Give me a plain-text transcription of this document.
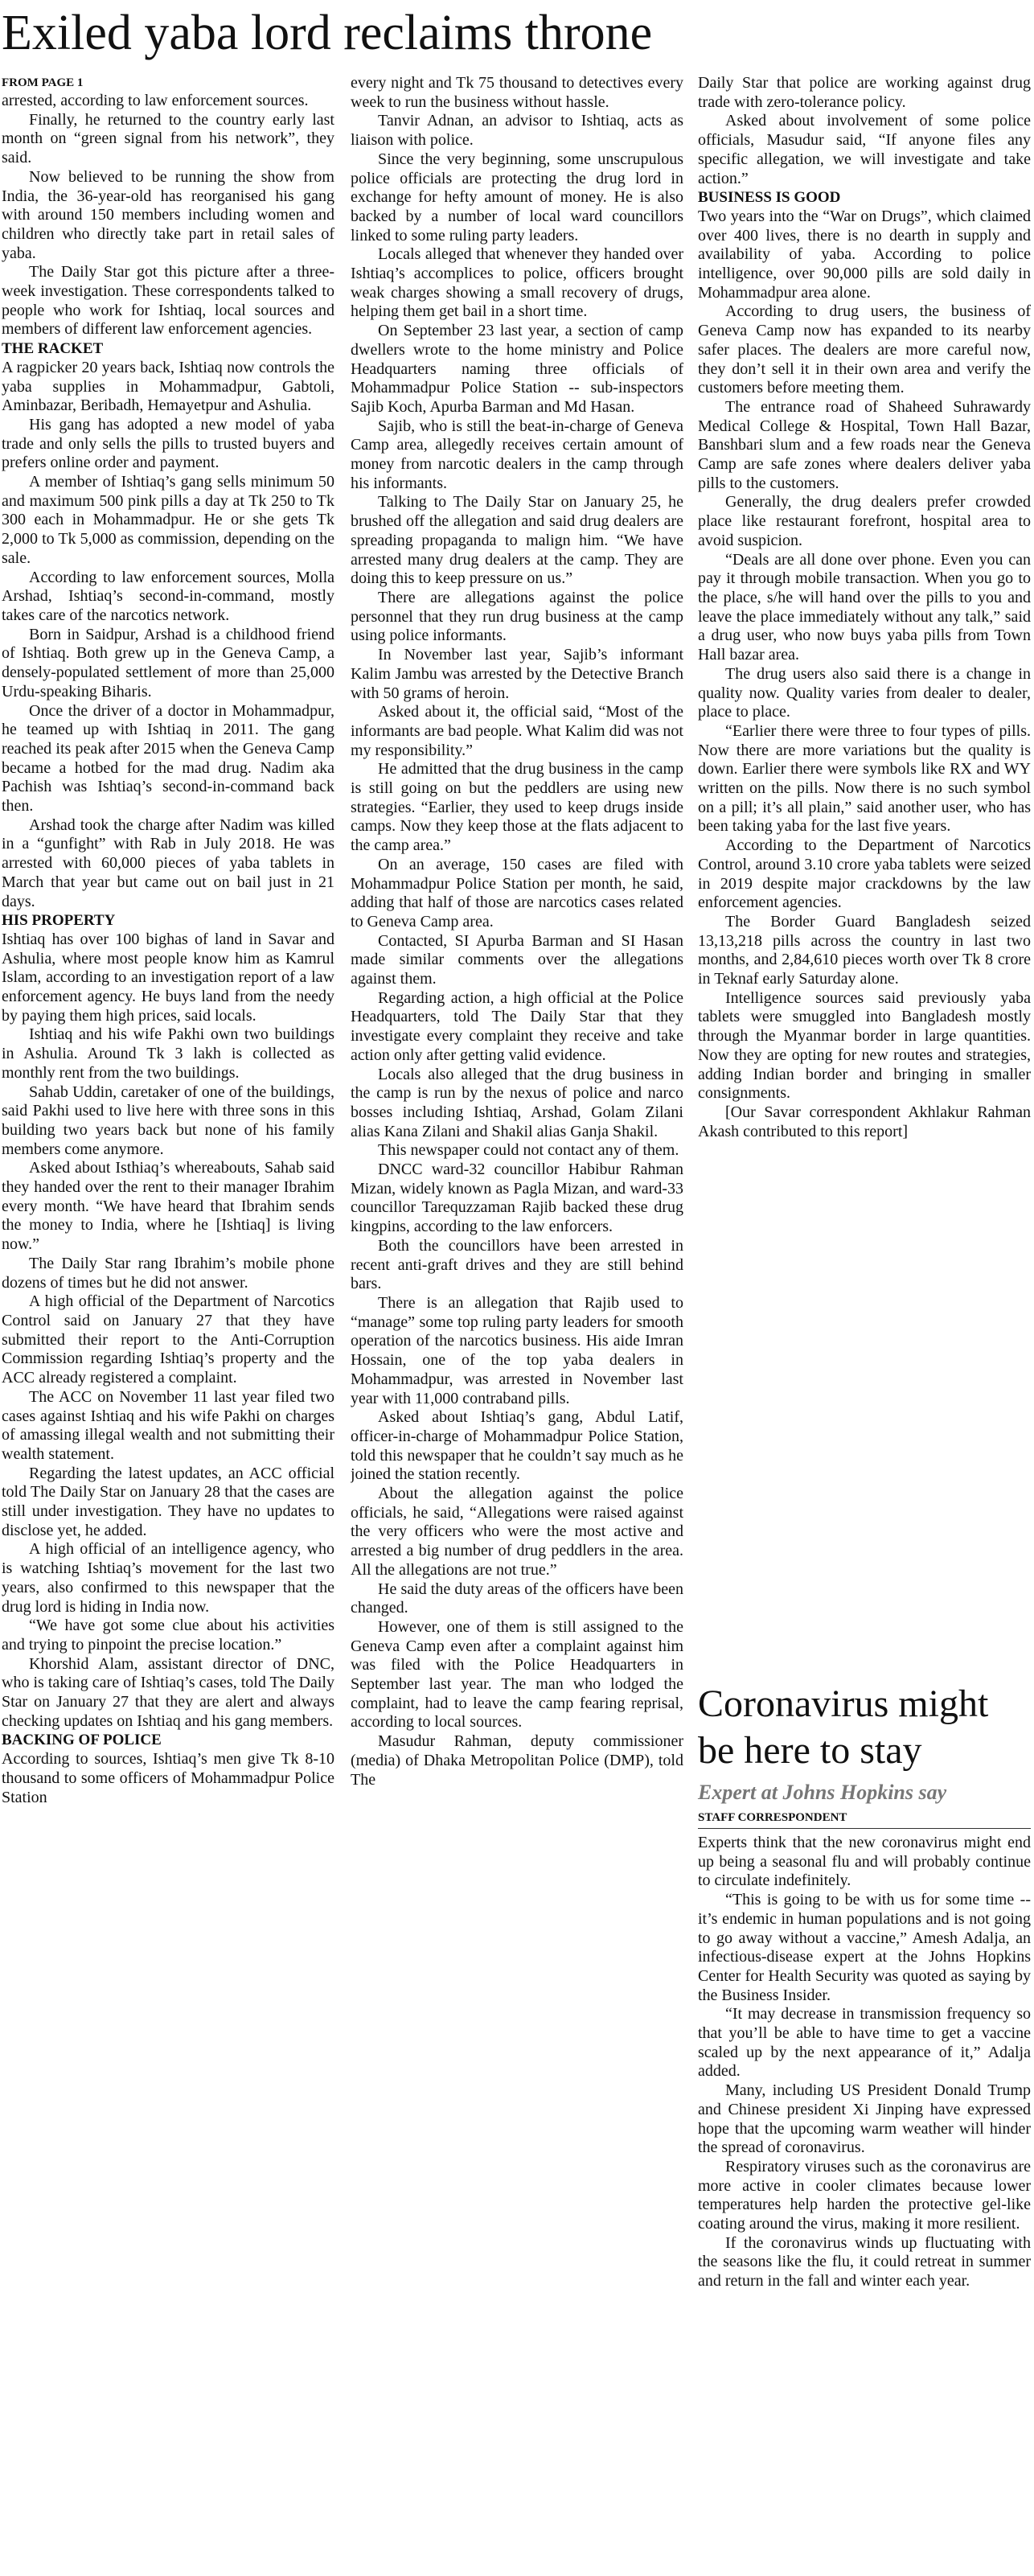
Exiled yaba lord reclaims throne

FROM PAGE 1

arrested, according to law enforcement sources.

Finally, he returned to the country early last month on “green signal from his network”, they said.

Now believed to be running the show from India, the 36-year-old has reorganised his gang with around 150 members including women and children who directly take part in retail sales of yaba.

The Daily Star got this picture after a three-week investigation. These correspondents talked to people who work for Ishtiaq, local sources and members of different law enforcement agencies.

THE RACKET

A ragpicker 20 years back, Ishtiaq now controls the yaba supplies in Mohammadpur, Gabtoli, Aminbazar, Beribadh, Hemayetpur and Ashulia.

His gang has adopted a new model of yaba trade and only sells the pills to trusted buyers and prefers online order and payment.

A member of Ishtiaq’s gang sells minimum 50 and maximum 500 pink pills a day at Tk 250 to Tk 300 each in Mohammadpur. He or she gets Tk 2,000 to Tk 5,000 as commission, depending on the sale.

According to law enforcement sources, Molla Arshad, Ishtiaq’s second-in-command, mostly takes care of the narcotics network.

Born in Saidpur, Arshad is a childhood friend of Ishtiaq. Both grew up in the Geneva Camp, a densely-populated settlement of more than 25,000 Urdu-speaking Biharis.

Once the driver of a doctor in Mohammadpur, he teamed up with Ishtiaq in 2011. The gang reached its peak after 2015 when the Geneva Camp became a hotbed for the mad drug. Nadim aka Pachish was Ishtiaq’s second-in-command back then.

Arshad took the charge after Nadim was killed in a “gunfight” with Rab in July 2018. He was arrested with 60,000 pieces of yaba tablets in March that year but came out on bail just in 21 days.

HIS PROPERTY

Ishtiaq has over 100 bighas of land in Savar and Ashulia, where most people know him as Kamrul Islam, according to an investigation report of a law enforcement agency. He buys land from the needy by paying them high prices, said locals.

Ishtiaq and his wife Pakhi own two buildings in Ashulia. Around Tk 3 lakh is collected as monthly rent from the two buildings.

Sahab Uddin, caretaker of one of the buildings, said Pakhi used to live here with three sons in this building two years back but none of his family members come anymore.

Asked about Isthiaq’s whereabouts, Sahab said they handed over the rent to their manager Ibrahim every month. “We have heard that Ibrahim sends the money to India, where he [Ishtiaq] is living now.”

The Daily Star rang Ibrahim’s mobile phone dozens of times but he did not answer.

A high official of the Department of Narcotics Control said on January 27 that they have submitted their report to the Anti-Corruption Commission regarding Ishtiaq’s property and the ACC already registered a complaint.

The ACC on November 11 last year filed two cases against Ishtiaq and his wife Pakhi on charges of amassing illegal wealth and not submitting their wealth statement.

Regarding the latest updates, an ACC official told The Daily Star on January 28 that the cases are still under investigation. They have no updates to disclose yet, he added.

A high official of an intelligence agency, who is watching Ishtiaq’s movement for the last two years, also confirmed to this newspaper that the drug lord is hiding in India now.

“We have got some clue about his activities and trying to pinpoint the precise location.”

Khorshid Alam, assistant director of DNC, who is taking care of Ishtiaq’s cases, told The Daily Star on January 27 that they are alert and always checking updates on Ishtiaq and his gang members.

BACKING OF POLICE

According to sources, Ishtiaq’s men give Tk 8-10 thousand to some officers of Mohammadpur Police Station

every night and Tk 75 thousand to detectives every week to run the business without hassle.

Tanvir Adnan, an advisor to Ishtiaq, acts as liaison with police.

Since the very beginning, some unscrupulous police officials are protecting the drug lord in exchange for hefty amount of money. He is also backed by a number of local ward councillors linked to some ruling party leaders.

Locals alleged that whenever they handed over Ishtiaq’s accomplices to police, officers brought weak charges showing a small recovery of drugs, helping them get bail in a short time.

On September 23 last year, a section of camp dwellers wrote to the home ministry and Police Headquarters naming three officials of Mohammadpur Police Station -- sub-inspectors Sajib Koch, Apurba Barman and Md Hasan.

Sajib, who is still the beat-in-charge of Geneva Camp area, allegedly receives certain amount of money from narcotic dealers in the camp through his informants.

Talking to The Daily Star on January 25, he brushed off the allegation and said drug dealers are spreading propaganda to malign him. “We have arrested many drug dealers at the camp. They are doing this to keep pressure on us.”

There are allegations against the police personnel that they run drug business at the camp using police informants.

In November last year, Sajib’s informant Kalim Jambu was arrested by the Detective Branch with 50 grams of heroin.

Asked about it, the official said, “Most of the informants are bad people. What Kalim did was not my responsibility.”

He admitted that the drug business in the camp is still going on but the peddlers are using new strategies. “Earlier, they used to keep drugs inside camps. Now they keep those at the flats adjacent to the camp area.”

On an average, 150 cases are filed with Mohammadpur Police Station per month, he said, adding that half of those are narcotics cases related to Geneva Camp area.

Contacted, SI Apurba Barman and SI Hasan made similar comments over the allegations against them.

Regarding action, a high official at the Police Headquarters, told The Daily Star that they investigate every complaint they receive and take action only after getting valid evidence.

Locals also alleged that the drug business in the camp is run by the nexus of police and narco bosses including Ishtiaq, Arshad, Golam Zilani alias Kana Zilani and Shakil alias Ganja Shakil.

This newspaper could not contact any of them.

DNCC ward-32 councillor Habibur Rahman Mizan, widely known as Pagla Mizan, and ward-33 councillor Tarequzzaman Rajib backed these drug kingpins, according to the law enforcers.

Both the councillors have been arrested in recent anti-graft drives and they are still behind bars.

There is an allegation that Rajib used to “manage” some top ruling party leaders for smooth operation of the narcotics business. His aide Imran Hossain, one of the top yaba dealers in Mohammadpur, was arrested in November last year with 11,000 contraband pills.

Asked about Ishtiaq’s gang, Abdul Latif, officer-in-charge of Mohammadpur Police Station, told this newspaper that he couldn’t say much as he joined the station recently.

About the allegation against the police officials, he said, “Allegations were raised against the very officers who were the most active and arrested a big number of drug peddlers in the area. All the allegations are not true.”

He said the duty areas of the officers have been changed.

However, one of them is still assigned to the Geneva Camp even after a complaint against him was filed with the Police Headquarters in September last year. The man who lodged the complaint, had to leave the camp fearing reprisal, according to local sources.

Masudur Rahman, deputy commissioner (media) of Dhaka Metropolitan Police (DMP), told The

Daily Star that police are working against drug trade with zero-tolerance policy.

Asked about involvement of some police officials, Masudur said, “If anyone files any specific allegation, we will investigate and take action.”

BUSINESS IS GOOD

Two years into the “War on Drugs”, which claimed over 400 lives, there is no dearth in supply and availability of yaba. According to police intelligence, over 90,000 pills are sold daily in Mohammadpur area alone.

According to drug users, the business of Geneva Camp now has expanded to its nearby safer places. The dealers are more careful now, they don’t sell it in their own area and verify the customers before meeting them.

The entrance road of Shaheed Suhrawardy Medical College & Hospital, Town Hall Bazar, Banshbari slum and a few roads near the Geneva Camp are safe zones where dealers deliver yaba pills to the customers.

Generally, the drug dealers prefer crowded place like restaurant forefront, hospital area to avoid suspicion.

“Deals are all done over phone. Even you can pay it through mobile transaction. When you go to the place, s/he will hand over the pills to you and leave the place immediately without any talk,” said a drug user, who now buys yaba pills from Town Hall bazar area.

The drug users also said there is a change in quality now. Quality varies from dealer to dealer, place to place.

“Earlier there were three to four types of pills. Now there are more variations but the quality is down. Earlier there were symbols like RX and WY written on the pills. Now there is no such symbol on a pill; it’s all plain,” said another user, who has been taking yaba for the last five years.

According to the Department of Narcotics Control, around 3.10 crore yaba tablets were seized in 2019 despite major crackdowns by the law enforcement agencies.

The Border Guard Bangladesh seized 13,13,218 pills across the country in last two months, and 2,84,610 pieces worth over Tk 8 crore in Teknaf early Saturday alone.

Intelligence sources said previously yaba tablets were smuggled into Bangladesh mostly through the Myanmar border in large quantities. Now they are opting for new routes and strategies, adding Indian border and bringing in smaller consignments.

[Our Savar correspondent Akhlakur Rahman Akash contributed to this report]

Coronavirus might be here to stay
Expert at Johns Hopkins say
STAFF CORRESPONDENT

Experts think that the new coronavirus might end up being a seasonal flu and will probably continue to circulate indefinitely.

“This is going to be with us for some time -- it’s endemic in human populations and is not going to go away without a vaccine,” Amesh Adalja, an infectious-disease expert at the Johns Hopkins Center for Health Security was quoted as saying by the Business Insider.

“It may decrease in transmission frequency so that you’ll be able to have time to get a vaccine scaled up by the next appearance of it,” Adalja added.

Many, including US President Donald Trump and Chinese president Xi Jinping have expressed hope that the upcoming warm weather will hinder the spread of coronavirus.

Respiratory viruses such as the coronavirus are more active in cooler climates because lower temperatures help harden the protective gel-like coating around the virus, making it more resilient.

If the coronavirus winds up fluctuating with the seasons like the flu, it could retreat in summer and return in the fall and winter each year.
